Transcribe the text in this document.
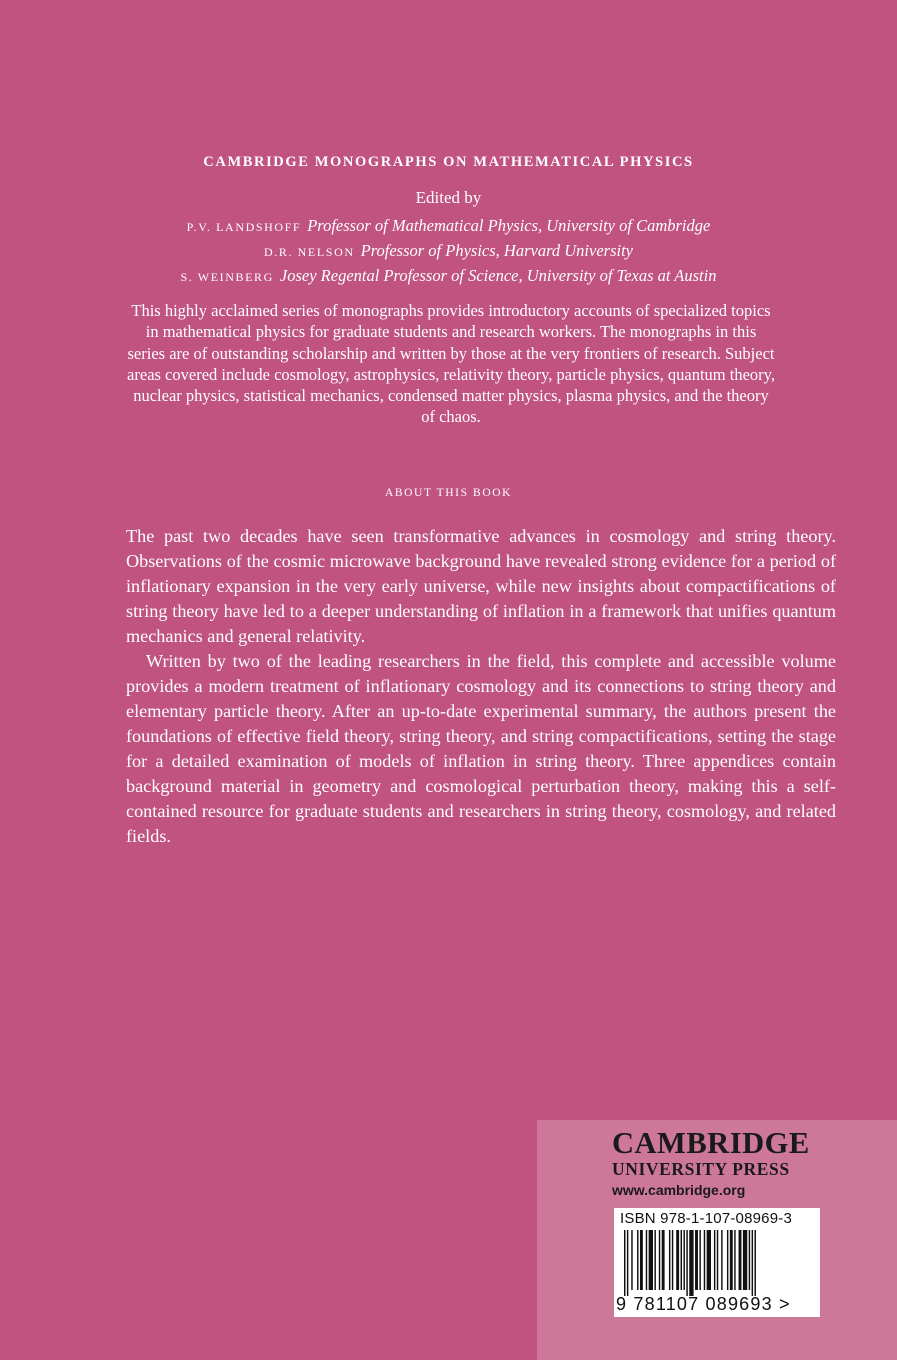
CAMBRIDGE MONOGRAPHS ON MATHEMATICAL PHYSICS
Edited by
P.V. LANDSHOFF Professor of Mathematical Physics, University of Cambridge
D.R. NELSON Professor of Physics, Harvard University
S. WEINBERG Josey Regental Professor of Science, University of Texas at Austin
This highly acclaimed series of monographs provides introductory accounts of specialized topics in mathematical physics for graduate students and research workers. The monographs in this series are of outstanding scholarship and written by those at the very frontiers of research. Subject areas covered include cosmology, astrophysics, relativity theory, particle physics, quantum theory, nuclear physics, statistical mechanics, condensed matter physics, plasma physics, and the theory of chaos.
ABOUT THIS BOOK

The past two decades have seen transformative advances in cosmology and string theory. Observations of the cosmic microwave background have revealed strong evidence for a period of inflationary expansion in the very early universe, while new insights about compactifications of string theory have led to a deeper understanding of inflation in a framework that unifies quantum mechanics and general relativity.

Written by two of the leading researchers in the field, this complete and accessible volume provides a modern treatment of inflationary cosmology and its connections to string theory and elementary particle theory. After an up-to-date experimental summary, the authors present the foundations of effective field theory, string theory, and string compactifications, setting the stage for a detailed examination of models of inflation in string theory. Three appendices contain background material in geometry and cosmological perturbation theory, making this a self-contained resource for graduate students and researchers in string theory, cosmology, and related fields.

CAMBRIDGE
UNIVERSITY PRESS
www.cambridge.org
ISBN 978-1-107-08969-3
9 781107 089693 >
